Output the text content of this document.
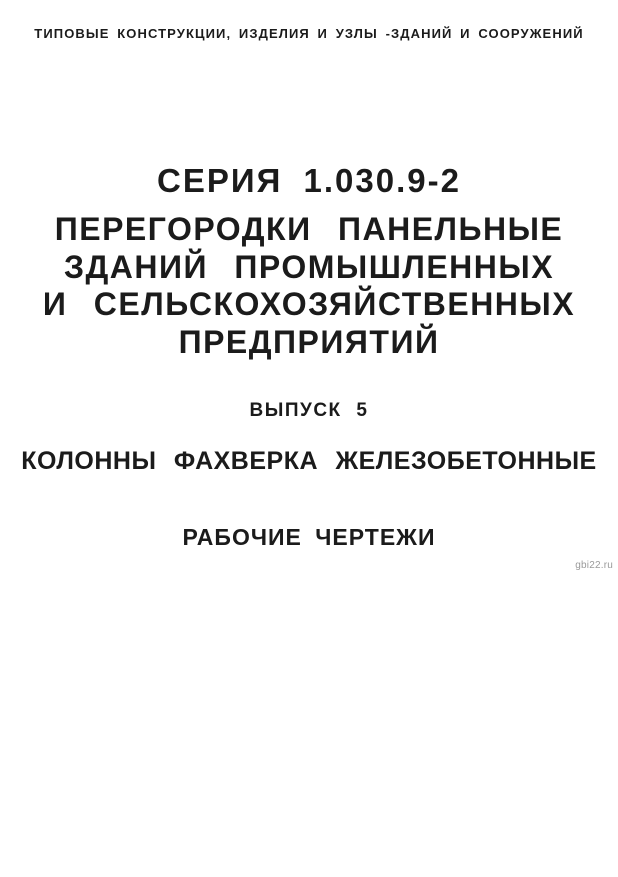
ТИПОВЫЕ КОНСТРУКЦИИ, ИЗДЕЛИЯ И УЗЛЫ -ЗДАНИЙ И СООРУЖЕНИЙ
СЕРИЯ 1.030.9-2
ПЕРЕГОРОДКИ ПАНЕЛЬНЫЕ
ЗДАНИЙ ПРОМЫШЛЕННЫХ
И СЕЛЬСКОХОЗЯЙСТВЕННЫХ
ПРЕДПРИЯТИЙ
ВЫПУСК 5
КОЛОННЫ ФАХВЕРКА ЖЕЛЕЗОБЕТОННЫЕ
РАБОЧИЕ ЧЕРТЕЖИ
gbi22.ru
